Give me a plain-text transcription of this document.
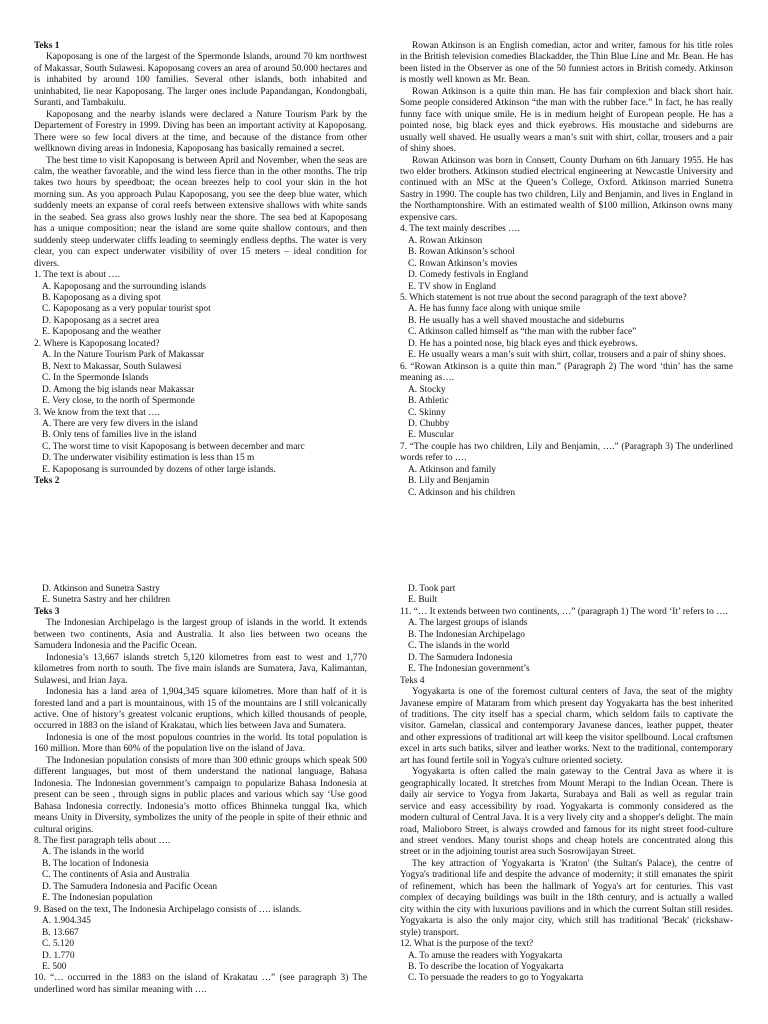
Teks 1

Kapoposang is one of the largest of the Spermonde Islands, around 70 km northwest of Makassar, South Sulawesi. Kapoposang covers an area of around 50.000 hectares and is inhabited by around 100 families. Several other islands, both inhabited and uninhabited, lie near Kapoposang. The larger ones include Papandangan, Kondongbali, Suranti, and Tambakulu.

Kapoposang and the nearby islands were declared a Nature Tourism Park by the Departement of Forestry in 1999. Diving has been an important activity at Kapoposang. There were so few local divers at the time, and because of the distance from other wellknown diving areas in Indonesia, Kapoposang has basically remained a secret.

The best time to visit Kapoposang is between April and November, when the seas are calm, the weather favorable, and the wind less fierce than in the other months. The trip takes two hours by speedboat; the ocean breezes help to cool your skin in the hot morning sun. As you approach Pulau Kapoposang, you see the deep blue water, which suddenly meets an expanse of coral reefs between extensive shallows with white sands in the seabed. Sea grass also grows lushly near the shore. The sea bed at Kapoposang has a unique composition; near the island are some quite shallow contours, and then suddenly steep underwater cliffs leading to seemingly endless depths. The water is very clear, you can expect underwater visibility of over 15 meters – ideal condition for divers.

1. The text is about ….

A. Kapoposang and the surrounding islands

B. Kapoposang as a diving spot

C. Kapoposang as a very popular tourist spot

D. Kapoposang as a secret area

E. Kapoposang and the weather

2. Where is Kapoposang located?

A. In the Nature Tourism Park of Makassar

B. Next to Makassar, South Sulawesi

C. In the Spermonde Islands

D. Among the big islands near Makassar

E. Very close, to the north of Spermonde

3. We know from the text that ….

A. There are very few divers in the island

B. Only tens of families live in the island

C. The worst time to visit Kapoposang is between december and marc

D. The underwater visibility estimation is less than 15 m

E. Kapoposang is surrounded by dozens of other large islands.

Teks 2

Rowan Atkinson is an English comedian, actor and writer, famous for his title roles in the British television comedies Blackadder, the Thin Blue Line and Mr. Bean. He has been listed in the Observer as one of the 50 funniest actors in British comedy. Atkinson is mostly well known as Mr. Bean.

Rowan Atkinson is a quite thin man. He has fair complexion and black short hair. Some people considered Atkinson “the man with the rubber face.” In fact, he has really funny face with unique smile. He is in medium height of European people. He has a pointed nose, big black eyes and thick eyebrows. His moustache and sideburns are usually well shaved. He usually wears a man’s suit with shirt, collar, trousers and a pair of shiny shoes.

Rowan Atkinson was born in Consett, County Durham on 6th January 1955. He has two elder brothers. Atkinson studied electrical engineering at Newcastle University and continued with an MSc at the Queen’s College, Oxford. Atkinson married Sunetra Sastry in 1990. The couple has two children, Lily and Benjamin, and lives in England in the Northamptonshire. With an estimated wealth of $100 million, Atkinson owns many expensive cars.

4. The text mainly describes ….

A. Rowan Atkinson

B. Rowan Atkinson’s school

C. Rowan Atkinson’s movies

D. Comedy festivals in England

E. TV show in England

5. Which statement is not true about the second paragraph of the text above?

A. He has funny face along with unique smile

B. He usually has a well shaved moustache and sideburns

C. Atkinson called himself as “the man with the rubber face”

D. He has a pointed nose, big black eyes and thick eyebrows.

E. He usually wears a man’s suit with shirt, collar, trousers and a pair of shiny shoes.

6. “Rowan Atkinson is a quite thin man.” (Paragraph 2) The word ‘thin’ has the same meaning as….

A. Stocky

B. Athletic

C. Skinny

D. Chubby

E. Muscular

7. “The couple has two children, Lily and Benjamin, ….” (Paragraph 3) The underlined words refer to ….

A. Atkinson and family

B. Lily and Benjamin

C. Atkinson and his children

D. Atkinson and Sunetra Sastry

E. Sunetra Sastry and her children

Teks 3

The Indonesian Archipelago is the largest group of islands in the world. It extends between two continents, Asia and Australia. It also lies between two oceans the Samudera Indonesia and the Pacific Ocean.

Indonesia’s 13,667 islands stretch 5,120 kilometres from east to west and 1,770 kilometres from north to south. The five main islands are Sumatera, Java, Kalimantan, Sulawesi, and Irian Jaya.

Indonesia has a land area of 1,904,345 square kilometres. More than half of it is forested land and a part is mountainous, with 15 of the mountains are I still volcanically active. One of history’s greatest volcanic eruptions, which killed thousands of people, occurred in 1883 on the island of Krakatau, which lies between Java and Sumatera.

Indonesia is one of the most populous countries in the world. Its total population is 160 million. More than 60% of the population live on the island of Java.

The Indonesian population consists of more than 300 ethnic groups which speak 500 different languages, but most of them understand the national language, Bahasa Indonesia. The Indonesian government’s campaign to popularize Bahasa Indonesia at present can be seen , through signs in public places and various which say ‘Use good Bahasa Indonesia correctly. Indonesia’s motto offices Bhinneka tunggal Ika, which means Unity in Diversity, symbolizes the unity of the people in spite of their ethnic and cultural origins.

8. The first paragraph tells about ….

A. The islands in the world

B. The location of Indonesia

C. The continents of Asia and Australia

D. The Samudera Indonesia and Pacific Ocean

E. The Indonesian population

9. Based on the text, The Indonesia Archipelago consists of …. islands.

A. 1.904.345

B. 13.667

C. 5.120

D. 1.770

E. 500

10. “… occurred in the 1883 on the island of Krakatau …” (see paragraph 3) The underlined word has similar meaning with ….

D. Took part

E. Built

11. “… It extends between two continents, …” (paragraph 1) The word ‘It’ refers to ….

A. The largest groups of islands

B. The Indonesian Archipelago

C. The islands in the world

D. The Samudera Indonesia

E. The Indonesian government’s

Teks 4

Yogyakarta is one of the foremost cultural centers of Java, the seat of the mighty Javanese empire of Mataram from which present day Yogyakarta has the best inherited of traditions. The city itself has a special charm, which seldom fails to captivate the visitor. Gamelan, classical and contemporary Javanese dances, leather puppet, theater and other expressions of traditional art will keep the visitor spellbound. Local craftsmen excel in arts such batiks, silver and leather works. Next to the traditional, contemporary art has found fertile soil in Yogya's culture oriented society.

Yogyakarta is often called the main gateway to the Central Java as where it is geographically located. It stretches from Mount Merapi to the Indian Ocean. There is daily air service to Yogya from Jakarta, Surabaya and Bali as well as regular train service and easy accessibility by road. Yogyakarta is commonly considered as the modern cultural of Central Java. It is a very lively city and a shopper's delight. The main road, Malioboro Street, is always crowded and famous for its night street food-culture and street vendors. Many tourist shops and cheap hotels are concentrated along this street or in the adjoining tourist area such Sosrowijayan Street.

The key attraction of Yogyakarta is 'Kraton' (the Sultan's Palace), the centre of Yogya's traditional life and despite the advance of modernity; it still emanates the spirit of refinement, which has been the hallmark of Yogya's art for centuries. This vast complex of decaying buildings was built in the 18th century, and is actually a walled city within the city with luxurious pavilions and in which the current Sultan still resides. Yogyakarta is also the only major city, which still has traditional 'Becak' (rickshaw-style) transport.

12. What is the purpose of the text?

A. To amuse the readers with Yogyakarta

B. To describe the location of Yogyakarta

C. To persuade the readers to go to Yogyakarta
